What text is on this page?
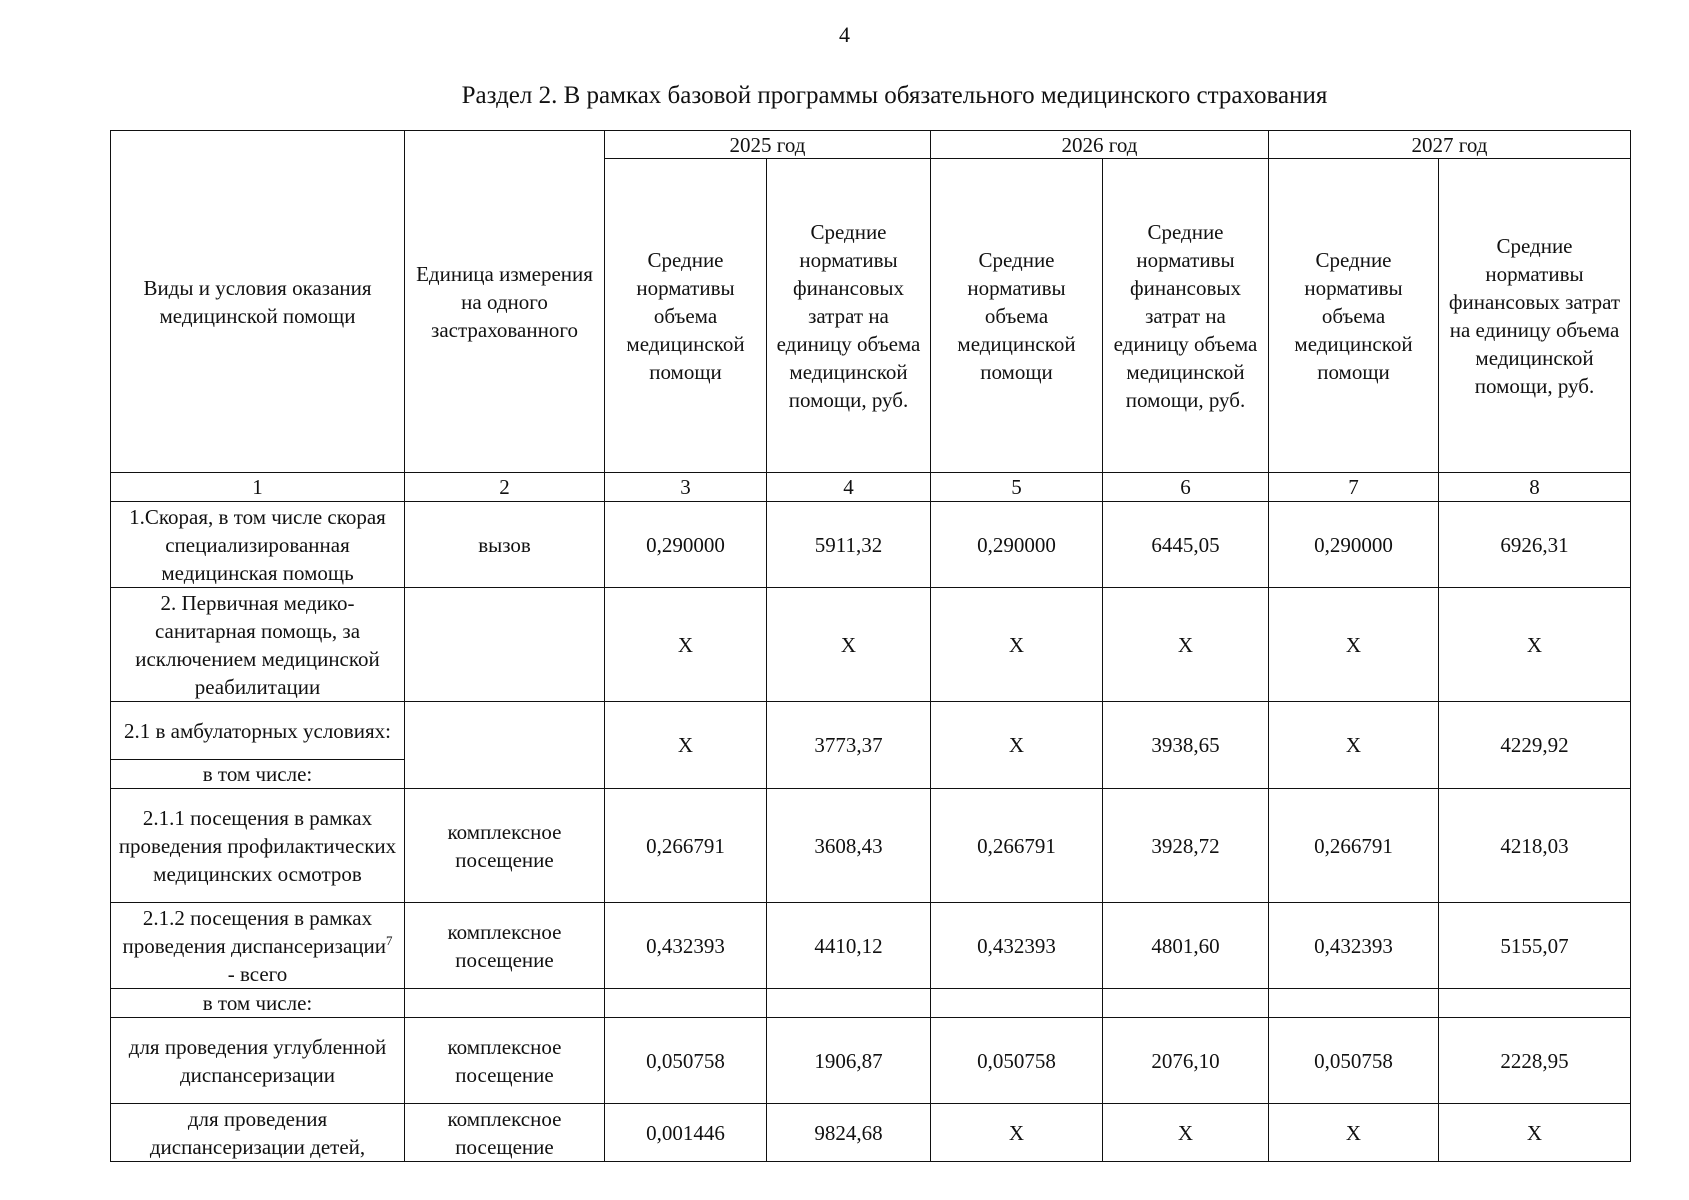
4
Раздел 2. В рамках базовой программы обязательного медицинского страхования
Виды и условия оказания медицинской помощи	Единица измерения на одного застрахованного	2025 год		2026 год		2027 год	
		Средние нормативы объема медицинской помощи	Средние нормативы финансовых затрат на единицу объема медицинской помощи, руб.	Средние нормативы объема медицинской помощи	Средние нормативы финансовых затрат на единицу объема медицинской помощи, руб.	Средние нормативы объема медицинской помощи	Средние нормативы финансовых затрат на единицу объема медицинской помощи, руб.
1	2	3	4	5	6	7	8
1.Скорая, в том числе скорая специализированная медицинская помощь	вызов	0,290000	5911,32	0,290000	6445,05	0,290000	6926,31
2. Первичная медико-санитарная помощь, за исключением медицинской реабилитации		X	X	X	X	X	X
2.1 в амбулаторных условиях:		X	3773,37	X	3938,65	X	4229,92
в том числе:							
2.1.1 посещения в рамках проведения профилактических медицинских осмотров	комплексное посещение	0,266791	3608,43	0,266791	3928,72	0,266791	4218,03
2.1.2 посещения в рамках проведения диспансеризации$^7$ - всего	комплексное посещение	0,432393	4410,12	0,432393	4801,60	0,432393	5155,07
в том числе:							
для проведения углубленной диспансеризации	комплексное посещение	0,050758	1906,87	0,050758	2076,10	0,050758	2228,95
для проведения диспансеризации детей,	комплексное посещение	0,001446	9824,68	X	X	X	X
